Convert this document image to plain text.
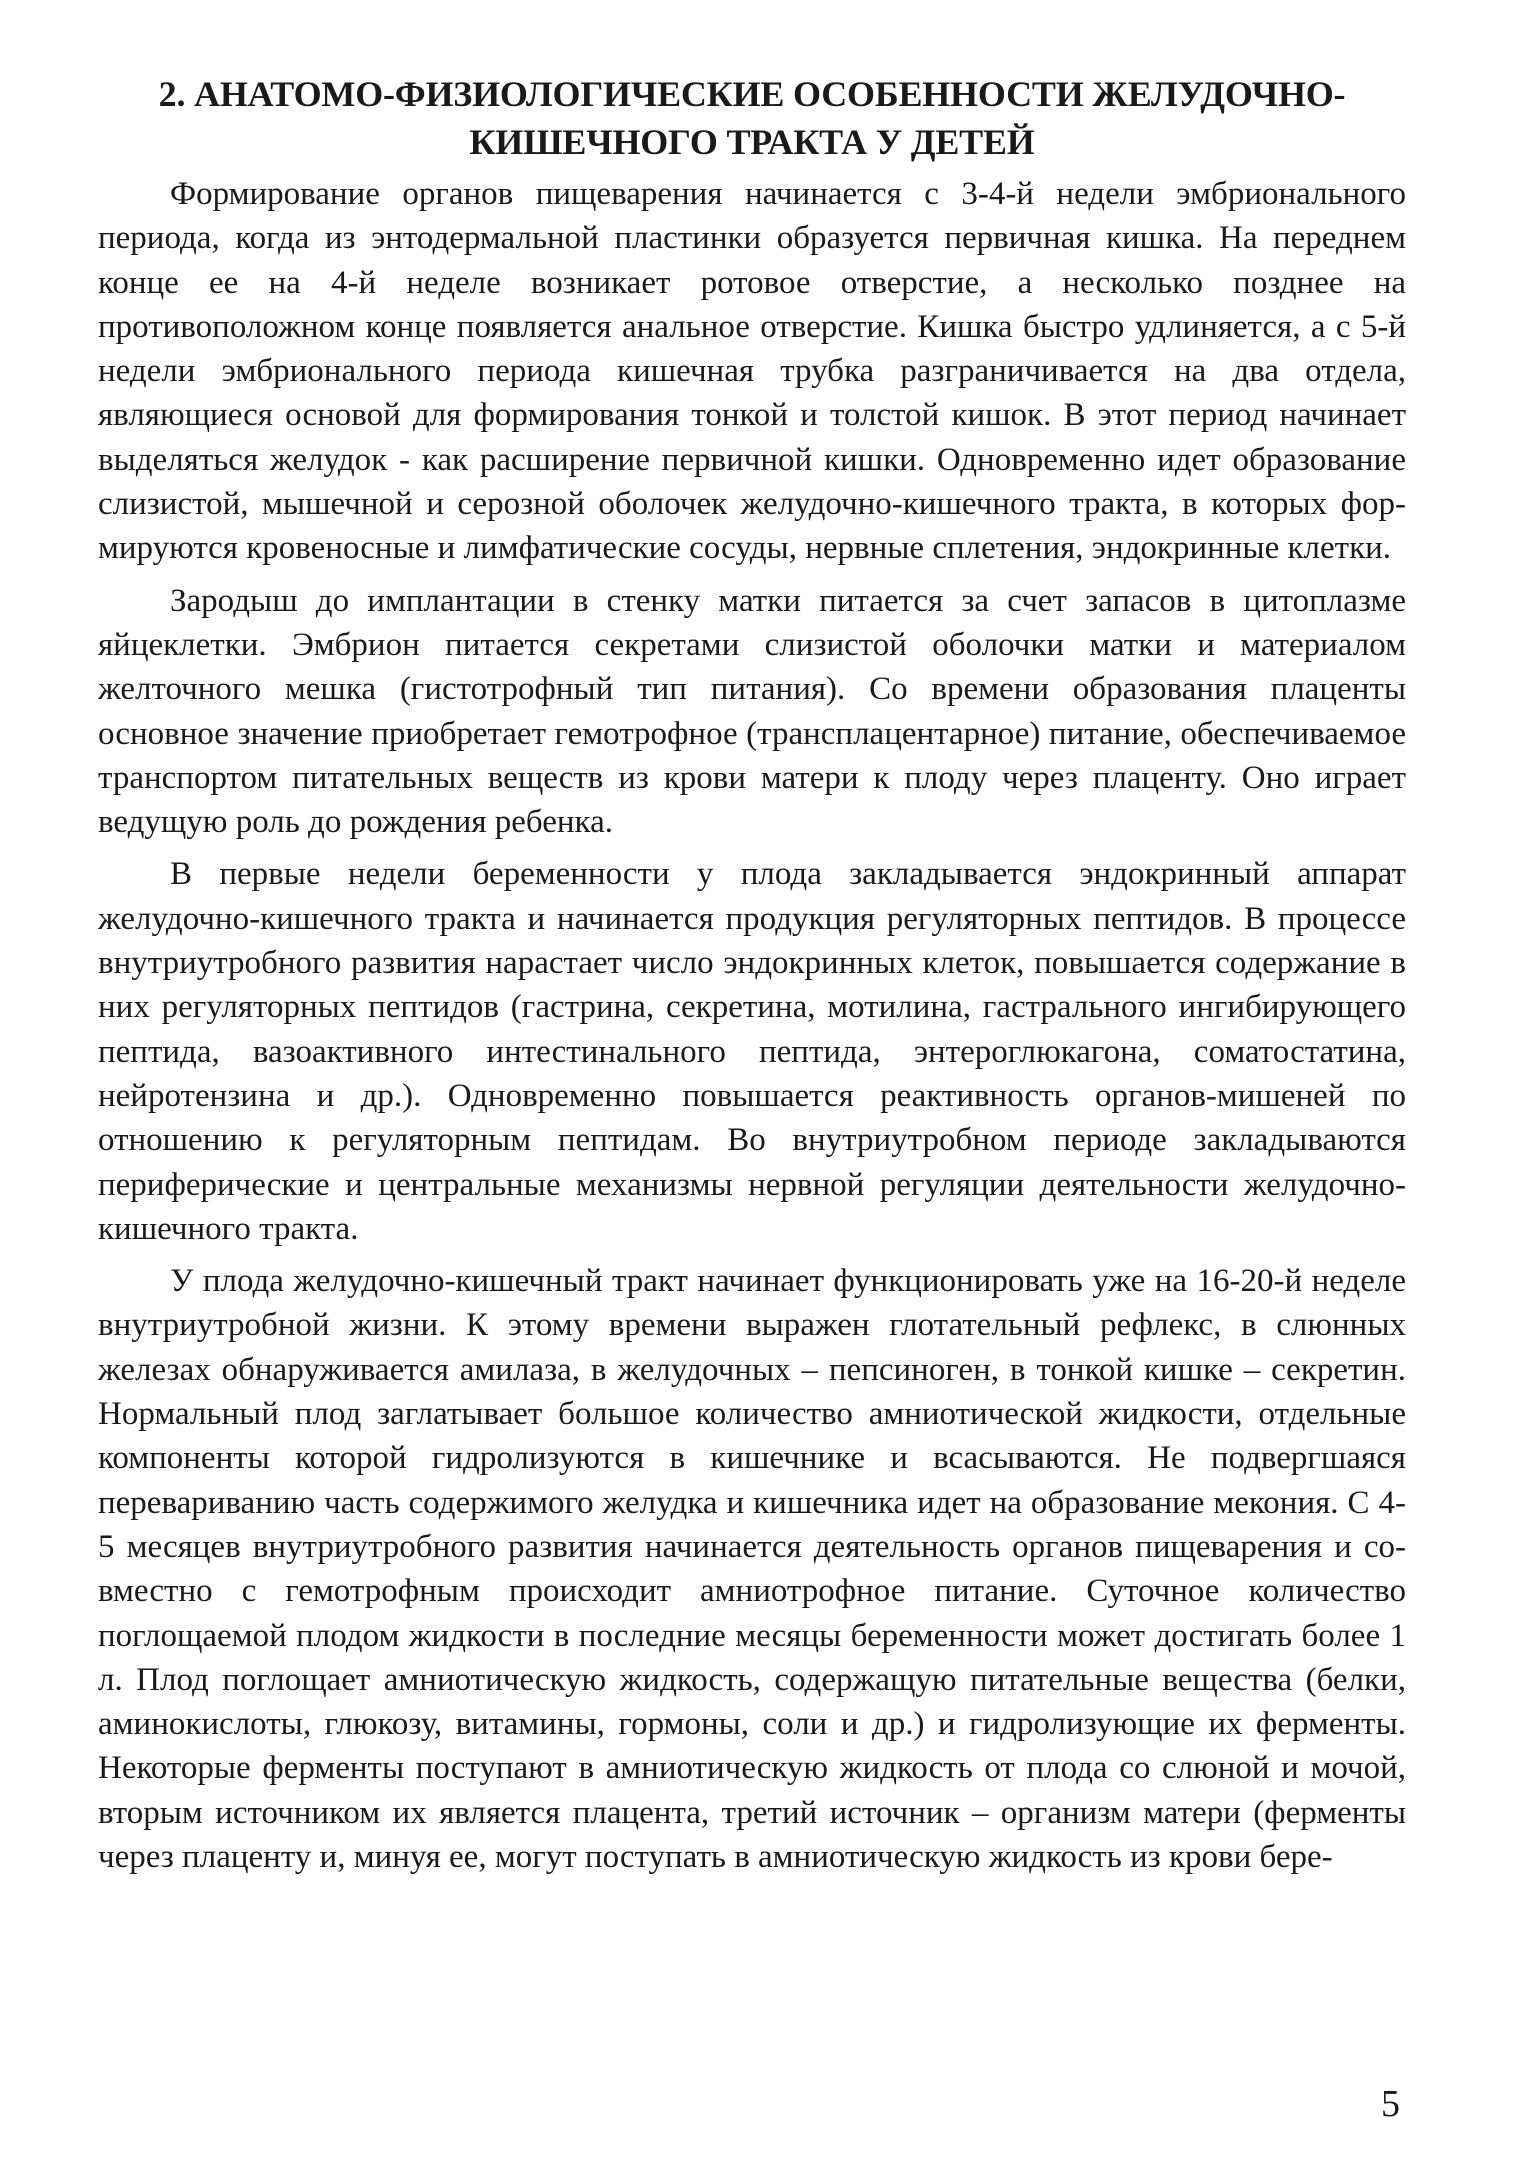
2. АНАТОМО-ФИЗИОЛОГИЧЕСКИЕ ОСОБЕННОСТИ ЖЕЛУДОЧНО-
КИШЕЧНОГО ТРАКТА У ДЕТЕЙ

Формирование органов пищеварения начинается с 3-4-й недели эмбрионального периода, когда из энтодермальной пластинки образуется первичная кишка. На переднем конце ее на 4-й неделе возникает ротовое отверстие, а несколько позднее на противоположном конце появляется анальное отверстие. Кишка быстро удлиняется, а с 5-й недели эмбрионального периода кишечная трубка разграничивается на два отдела, являющиеся основой для формирования тонкой и толстой кишок. В этот период начинает выделяться желудок - как расширение первичной кишки. Одновременно идет образование слизистой, мышечной и серозной оболочек желудочно-кишечного тракта, в которых формируются кровеносные и лимфатические сосуды, нервные сплетения, эндокринные клетки.

Зародыш до имплантации в стенку матки питается за счет запасов в цитоплазме яйцеклетки. Эмбрион питается секретами слизистой оболочки матки и материалом желточного мешка (гистотрофный тип питания). Со времени образования плаценты основное значение приобретает гемотрофное (трансплацентарное) питание, обеспечиваемое транспортом питательных веществ из крови матери к плоду через плаценту. Оно играет ведущую роль до рождения ребенка.

В первые недели беременности у плода закладывается эндокринный аппарат желудочно-кишечного тракта и начинается продукция регуляторных пептидов. В процессе внутриутробного развития нарастает число эндокринных клеток, повышается содержание в них регуляторных пептидов (гастрина, секретина, мотилина, гастрального ингибирующего пептида, вазоактивного интестинального пептида, энтероглюкагона, соматостатина, нейротензина и др.). Одновременно повышается реактивность органов-мишеней по отношению к регуляторным пептидам. Во внутриутробном периоде закладываются периферические и центральные механизмы нервной регуляции деятельности желудочно-кишечного тракта.

У плода желудочно-кишечный тракт начинает функционировать уже на 16-20-й неделе внутриутробной жизни. К этому времени выражен глотательный рефлекс, в слюнных железах обнаруживается амилаза, в желудочных – пепсиноген, в тонкой кишке – секретин. Нормальный плод заглатывает большое количество амниотической жидкости, отдельные компоненты которой гидролизуются в кишечнике и всасываются. Не подвергшаяся перевариванию часть содержимого желудка и кишечника идет на образование мекония. С 4-5 месяцев внутриутробного развития начинается деятельность органов пищеварения и совместно с гемотрофным происходит амниотрофное питание. Суточное количество поглощаемой плодом жидкости в последние месяцы беременности может достигать более 1 л. Плод поглощает амниотическую жидкость, содержащую питательные вещества (белки, аминокислоты, глюкозу, витамины, гормоны, соли и др.) и гидролизующие их ферменты. Некоторые ферменты поступают в амниотическую жидкость от плода со слюной и мочой, вторым источником их является плацента, третий источник – организм матери (ферменты через плаценту и, минуя ее, могут поступать в амниотическую жидкость из крови бере-

5
